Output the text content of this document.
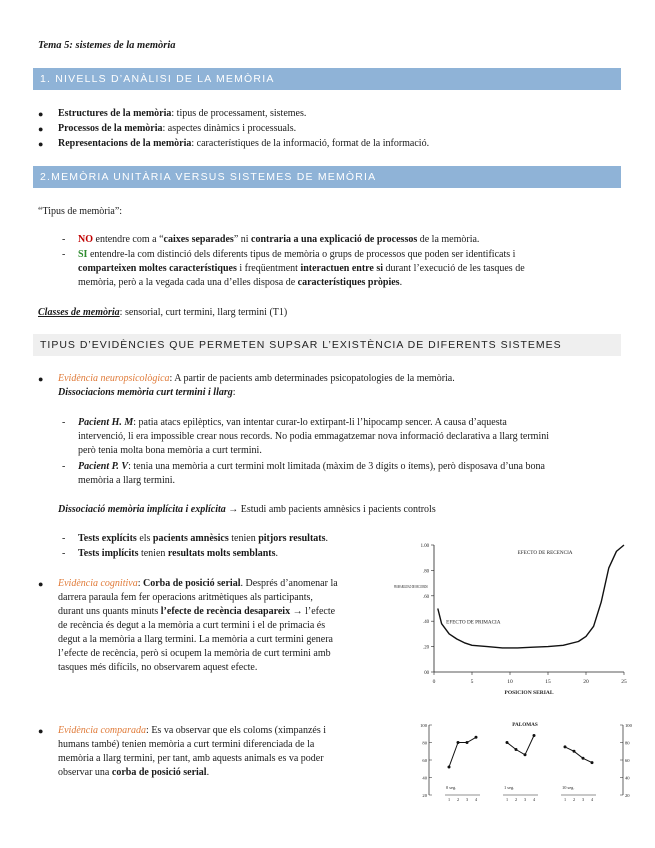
Tema 5: sistemes de la memòria
1. NIVELLS D’ANÀLISI DE LA MEMÒRIA
● Estructures de la memòria: tipus de processament, sistemes.
● Processos de la memòria: aspectes dinàmics i processuals.
● Representacions de la memòria: característiques de la informació, format de la informació.
2.MEMÒRIA UNITÀRIA VERSUS SISTEMES DE MEMÒRIA
“Tipus de memòria”:
- NO entendre com a “caixes separades” ni contraria a una explicació de processos de la memòria.
- SI entendre-la com distinció dels diferents tipus de memòria o grups de processos que poden ser identificats i
comparteixen moltes característiques i freqüentment interactuen entre si durant l’execució de les tasques de
memòria, però a la vegada cada una d’elles disposa de característiques pròpies.
Classes de memòria: sensorial, curt termini, llarg termini (T1)
TIPUS D’EVIDÈNCIES QUE PERMETEN SUPSAR L’EXISTÈNCIA DE DIFERENTS SISTEMES
● Evidència neuropsicològica: A partir de pacients amb determinades psicopatologies de la memòria.
Dissociacions memòria curt termini i llarg:
- Pacient H. M: patia atacs epilèptics, van intentar curar-lo extirpant-li l’hipocamp sencer. A causa d’aquesta
intervenció, li era impossible crear nous records. No podia emmagatzemar nova informació declarativa a llarg termini
però tenia molta bona memòria a curt termini.
- Pacient P. V: tenia una memòria a curt termini molt limitada (màxim de 3 dígits o ítems), però disposava d’una bona
memòria a llarg termini.
Dissociació memòria implícita i explícita → Estudi amb pacients amnèsics i pacients controls
- Tests explícits els pacients amnèsics tenien pitjors resultats.
- Tests implícits tenien resultats molts semblants.
● Evidència cognitiva: Corba de posició serial. Després d’anomenar la
darrera paraula fem fer operacions aritmètiques als participants,
durant uns quants minuts l’efecte de recència desapareix → l’efecte
de recència és degut a la memòria a curt termini i el de primacia és
degut a la memòria a llarg termini. La memòria a curt termini genera
l’efecte de recència, però si ocupem la memòria de curt termini amb
tasques més difícils, no observarem aquest efecte.
● Evidència comparada: Es va observar que els coloms (ximpanzés i
humans també) tenien memòria a curt termini diferenciada de la
memòria a llarg termini, per tant, amb aquests animals es va poder
observar una corba de posició serial.
0	5	10	15	20	25
00
.20
.40
.60
.80
1.00
PROBABILIDAD DE RECUERDO
POSICION SERIAL
EFECTO DE RECENCIA
EFECTO DE PRIMACIA
20	20
40	40
60	60
80	80
100	100
PALOMAS
0 seg.
1 2 3 4
1 seg.
1 2 3 4
10 seg.
1 2 3 4
